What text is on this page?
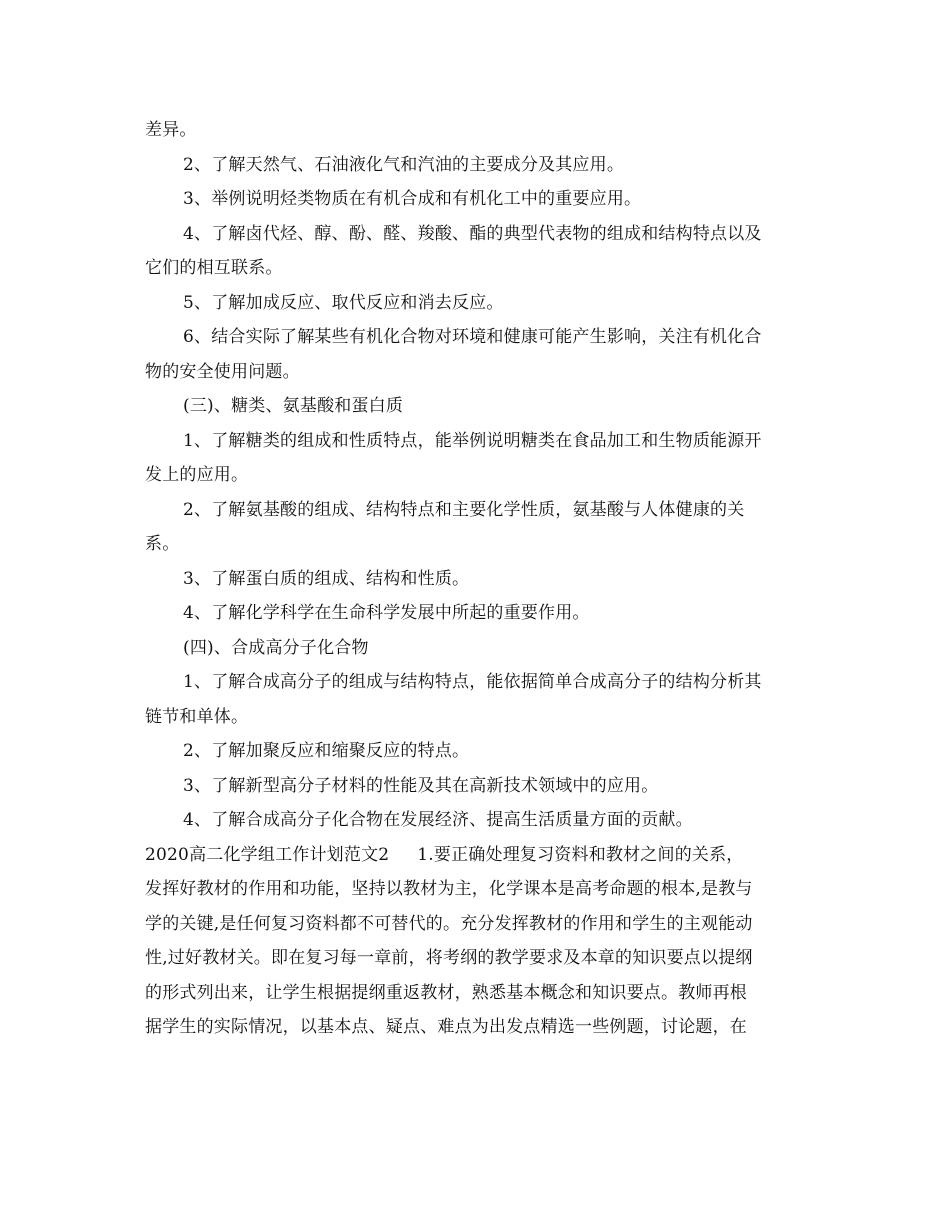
差异。
2、了解天然气、石油液化气和汽油的主要成分及其应用。
3、举例说明烃类物质在有机合成和有机化工中的重要应用。
4、了解卤代烃、醇、酚、醛、羧酸、酯的典型代表物的组成和结构特点以及
它们的相互联系。
5、了解加成反应、取代反应和消去反应。
6、结合实际了解某些有机化合物对环境和健康可能产生影响，关注有机化合
物的安全使用问题。
(三)、糖类、氨基酸和蛋白质
1、了解糖类的组成和性质特点，能举例说明糖类在食品加工和生物质能源开
发上的应用。
2、了解氨基酸的组成、结构特点和主要化学性质，氨基酸与人体健康的关
系。
3、了解蛋白质的组成、结构和性质。
4、了解化学科学在生命科学发展中所起的重要作用。
(四)、合成高分子化合物
1、了解合成高分子的组成与结构特点，能依据简单合成高分子的结构分析其
链节和单体。
2、了解加聚反应和缩聚反应的特点。
3、了解新型高分子材料的性能及其在高新技术领域中的应用。
4、了解合成高分子化合物在发展经济、提高生活质量方面的贡献。
2020高二化学组工作计划范文2 1.要正确处理复习资料和教材之间的关系，
发挥好教材的作用和功能，坚持以教材为主，化学课本是高考命题的根本,是教与
学的关键,是任何复习资料都不可替代的。充分发挥教材的作用和学生的主观能动
性,过好教材关。即在复习每一章前，将考纲的教学要求及本章的知识要点以提纲
的形式列出来，让学生根据提纲重返教材，熟悉基本概念和知识要点。教师再根
据学生的实际情况，以基本点、疑点、难点为出发点精选一些例题，讨论题，在
